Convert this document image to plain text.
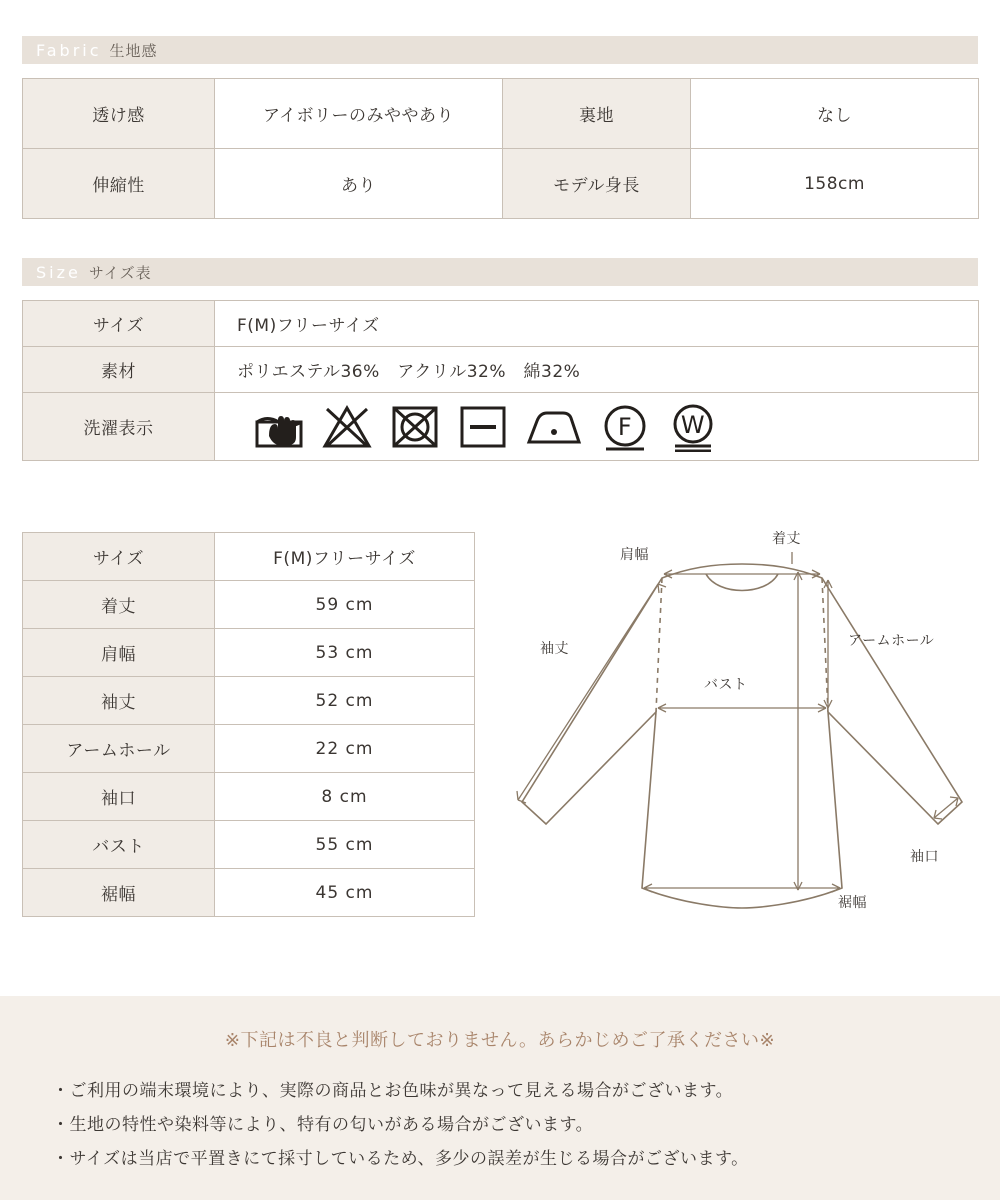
Fabric 生地感
透け感	アイボリーのみややあり	裏地	なし
伸縮性	あり	モデル身長	158cm
Size サイズ表
サイズ	F(M)フリーサイズ
素材	ポリエステル36%　アクリル32%　綿32%
洗濯表示	F W
サイズ	F(M)フリーサイズ
着丈	59 cm
肩幅	53 cm
袖丈	52 cm
アームホール	22 cm
袖口	8 cm
バスト	55 cm
裾幅	45 cm
肩幅
着丈
袖丈	アームホール
バスト
袖口
裾幅
※下記は不良と判断しておりません。あらかじめご了承ください※
・ご利用の端末環境により、実際の商品とお色味が異なって見える場合がございます。
・生地の特性や染料等により、特有の匂いがある場合がございます。
・サイズは当店で平置きにて採寸しているため、多少の誤差が生じる場合がございます。
